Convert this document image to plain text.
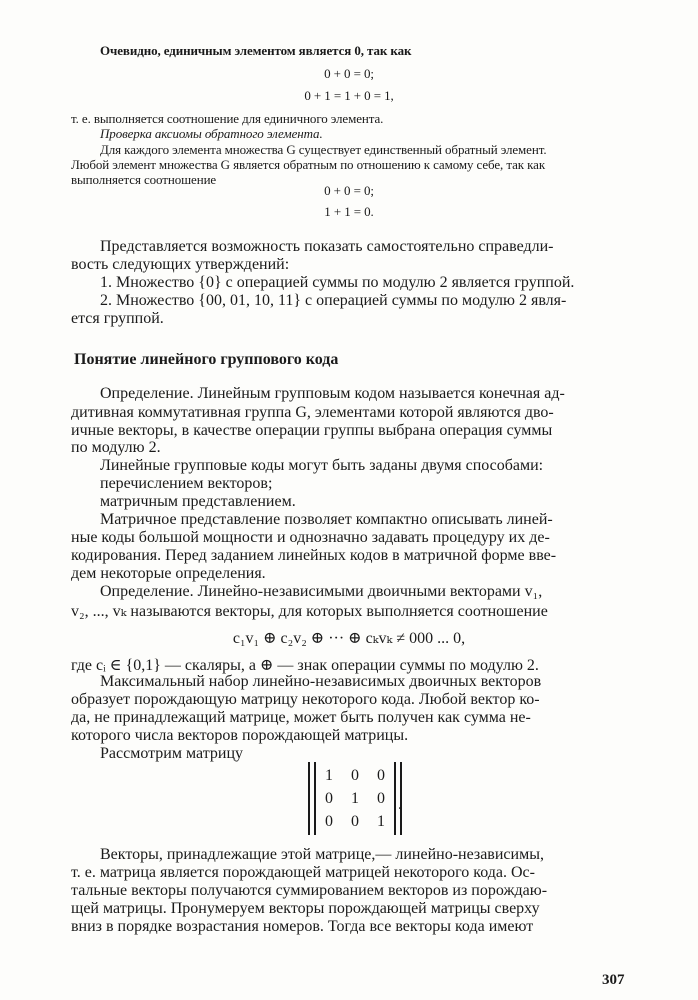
Очевидно, единичным элементом является 0, так как
0 + 0 = 0;
0 + 1 = 1 + 0 = 1,
т. е. выполняется соотношение для единичного элемента.
Проверка аксиомы обратного элемента.
Для каждого элемента множества G существует единственный обратный элемент.
Любой элемент множества G является обратным по отношению к самому себе, так как
выполняется соотношение
0 + 0 = 0;
1 + 1 = 0.
Представляется возможность показать самостоятельно справедли-
вость следующих утверждений:
1. Множество {0} с операцией суммы по модулю 2 является группой.
2. Множество {00, 01, 10, 11} с операцией суммы по модулю 2 явля-
ется группой.
Понятие линейного группового кода
Определение. Линейным групповым кодом называется конечная ад-
дитивная коммутативная группа G, элементами которой являются дво-
ичные векторы, в качестве операции группы выбрана операция суммы
по модулю 2.
Линейные групповые коды могут быть заданы двумя способами:
перечислением векторов;
матричным представлением.
Матричное представление позволяет компактно описывать линей-
ные коды большой мощности и однозначно задавать процедуру их де-
кодирования. Перед заданием линейных кодов в матричной форме вве-
дем некоторые определения.
Определение. Линейно-независимыми двоичными векторами v₁,
v₂, ..., vₖ называются векторы, для которых выполняется соотношение
c₁v₁ ⊕ c₂v₂ ⊕ ··· ⊕ cₖvₖ ≠ 000 ... 0,
где cᵢ ∈ {0,1} — скаляры, а ⊕ — знак операции суммы по модулю 2.
Максимальный набор линейно-независимых двоичных векторов
образует порождающую матрицу некоторого кода. Любой вектор ко-
да, не принадлежащий матрице, может быть получен как сумма не-
которого числа векторов порождающей матрицы.
Рассмотрим матрицу
1	0	0
0	1	0
0	0	1
.
Векторы, принадлежащие этой матрице,— линейно-независимы,
т. е. матрица является порождающей матрицей некоторого кода. Ос-
тальные векторы получаются суммированием векторов из порождаю-
щей матрицы. Пронумеруем векторы порождающей матрицы сверху
вниз в порядке возрастания номеров. Тогда все векторы кода имеют
307
